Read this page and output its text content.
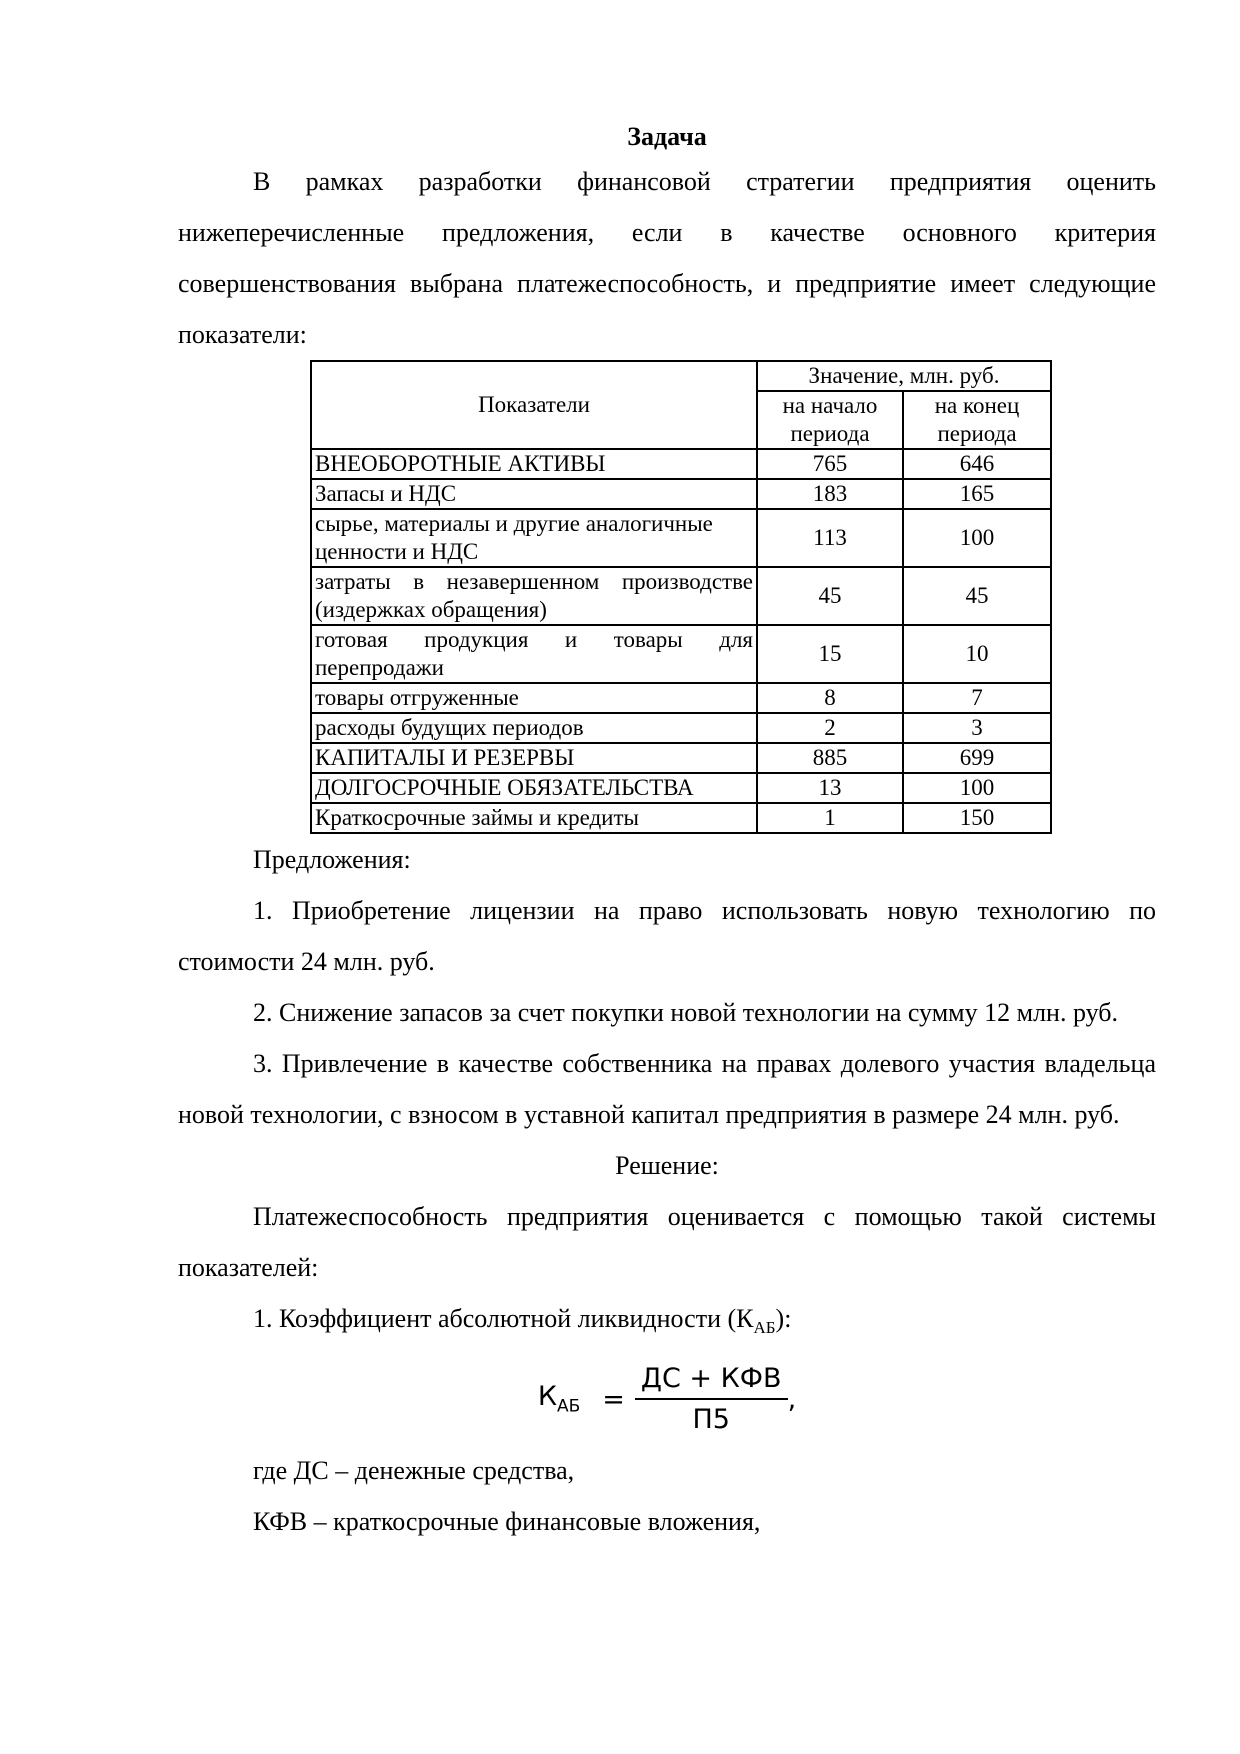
Задача

В рамках разработки финансовой стратегии предприятия оценить нижеперечисленные предложения, если в качестве основного критерия совершенствования выбрана платежеспособность, и предприятие имеет следующие показатели:

Показатели	Значение, млн. руб.	
	на начало периода	на конец периода
ВНЕОБОРОТНЫЕ АКТИВЫ	765	646
Запасы и НДС	183	165
сырье, материалы и другие аналогичные ценности и НДС	113	100
затраты в незавершенном производстве (издержках обращения)	45	45
готовая продукция и товары для перепродажи	15	10
товары отгруженные	8	7
расходы будущих периодов	2	3
КАПИТАЛЫ И РЕЗЕРВЫ	885	699
ДОЛГОСРОЧНЫЕ ОБЯЗАТЕЛЬСТВА	13	100
Краткосрочные займы и кредиты	1	150

Предложения:

1. Приобретение лицензии на право использовать новую технологию по стоимости 24 млн. руб.

2. Снижение запасов за счет покупки новой технологии на сумму 12 млн. руб.

3. Привлечение в качестве собственника на правах долевого участия владельца новой технологии, с взносом в уставной капитал предприятия в размере 24 млн. руб.

Решение:

Платежеспособность предприятия оценивается с помощью такой системы показателей:

1. Коэффициент абсолютной ликвидности $(К_{АБ})$:

$К_{АБ} = \frac{\text{ДС + КФВ}}{П5}$ ,

где ДС – денежные средства,

КФВ – краткосрочные финансовые вложения,
